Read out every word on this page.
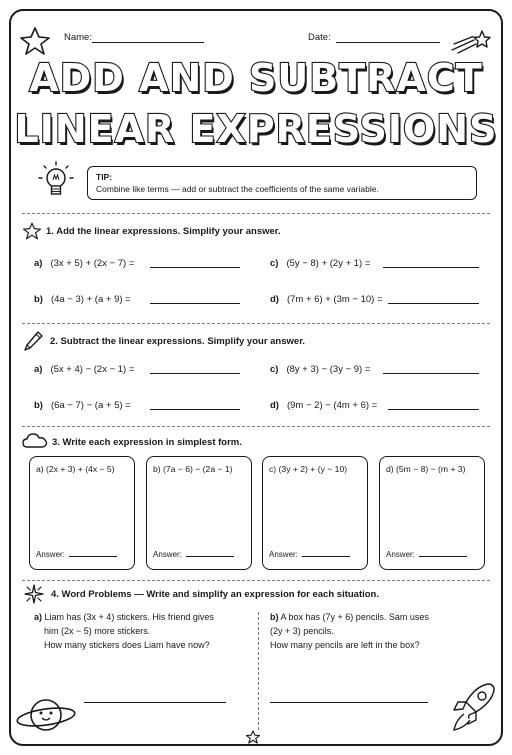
Name:	Date:
ADD AND SUBTRACT
LINEAR EXPRESSIONS
TIP:
Combine like terms — add or subtract the coefficients of the same variable.
1. Add the linear expressions. Simplify your answer.
a) (3x + 5) + (2x − 7) =	c) (5y − 8) + (2y + 1) =
b) (4a − 3) + (a + 9) =	d) (7m + 6) + (3m − 10) =
2. Subtract the linear expressions. Simplify your answer.
a) (5x + 4) − (2x − 1) =	c) (8y + 3) − (3y − 9) =
b) (6a − 7) − (a + 5) =	d) (9m − 2) − (4m + 6) =
3. Write each expression in simplest form.
a) (2x + 3) + (4x − 5)
Answer:
b) (7a − 6) − (2a − 1)
Answer:
c) (3y + 2) + (y − 10)
Answer:
d) (5m − 8) − (m + 3)
Answer:
4. Word Problems — Write and simplify an expression for each situation.
a) Liam has (3x + 4) stickers. His friend gives
him (2x − 5) more stickers.
How many stickers does Liam have now?
b) A box has (7y + 6) pencils. Sam uses
(2y + 3) pencils.
How many pencils are left in the box?
